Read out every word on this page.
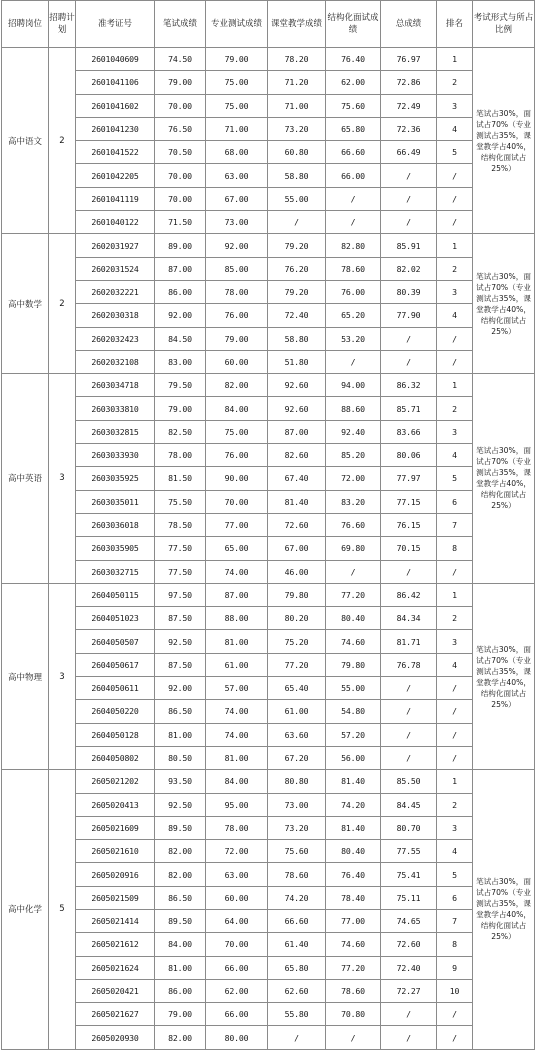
招聘岗位	招聘计划	准考证号	笔试成绩	专业测试成绩	课堂教学成绩	结构化面试成绩	总成绩	排名	考试形式与所占比例
高中语文	2	2601040609	74.50	79.00	78.20	76.40	76.97	1	笔试占30%，面试占70%（专业测试占35%，课堂教学占40%，结构化面试占25%）
		2601041106	79.00	75.00	71.20	62.00	72.86	2	
		2601041602	70.00	75.00	71.00	75.60	72.49	3	
		2601041230	76.50	71.00	73.20	65.80	72.36	4	
		2601041522	70.50	68.00	60.80	66.60	66.49	5	
		2601042205	70.00	63.00	58.80	66.00	/	/	
		2601041119	70.00	67.00	55.00	/	/	/	
		2601040122	71.50	73.00	/	/	/	/	
高中数学	2	2602031927	89.00	92.00	79.20	82.80	85.91	1	笔试占30%，面试占70%（专业测试占35%，课堂教学占40%，结构化面试占25%）
		2602031524	87.00	85.00	76.20	78.60	82.02	2	
		2602032221	86.00	78.00	79.20	76.00	80.39	3	
		2602030318	92.00	76.00	72.40	65.20	77.90	4	
		2602032423	84.50	79.00	58.80	53.20	/	/	
		2602032108	83.00	60.00	51.80	/	/	/	
高中英语	3	2603034718	79.50	82.00	92.60	94.00	86.32	1	笔试占30%，面试占70%（专业测试占35%，课堂教学占40%，结构化面试占25%）
		2603033810	79.00	84.00	92.60	88.60	85.71	2	
		2603032815	82.50	75.00	87.00	92.40	83.66	3	
		2603033930	78.00	76.00	82.60	85.20	80.06	4	
		2603035925	81.50	90.00	67.40	72.00	77.97	5	
		2603035011	75.50	70.00	81.40	83.20	77.15	6	
		2603036018	78.50	77.00	72.60	76.60	76.15	7	
		2603035905	77.50	65.00	67.00	69.80	70.15	8	
		2603032715	77.50	74.00	46.00	/	/	/	
高中物理	3	2604050115	97.50	87.00	79.80	77.20	86.42	1	笔试占30%，面试占70%（专业测试占35%，课堂教学占40%，结构化面试占25%）
		2604051023	87.50	88.00	80.20	80.40	84.34	2	
		2604050507	92.50	81.00	75.20	74.60	81.71	3	
		2604050617	87.50	61.00	77.20	79.80	76.78	4	
		2604050611	92.00	57.00	65.40	55.00	/	/	
		2604050220	86.50	74.00	61.00	54.80	/	/	
		2604050128	81.00	74.00	63.60	57.20	/	/	
		2604050802	80.50	81.00	67.20	56.00	/	/	
高中化学	5	2605021202	93.50	84.00	80.80	81.40	85.50	1	笔试占30%，面试占70%（专业测试占35%，课堂教学占40%，结构化面试占25%）
		2605020413	92.50	95.00	73.00	74.20	84.45	2	
		2605021609	89.50	78.00	73.20	81.40	80.70	3	
		2605021610	82.00	72.00	75.60	80.40	77.55	4	
		2605020916	82.00	63.00	78.60	76.40	75.41	5	
		2605021509	86.50	60.00	74.20	78.40	75.11	6	
		2605021414	89.50	64.00	66.60	77.00	74.65	7	
		2605021612	84.00	70.00	61.40	74.60	72.60	8	
		2605021624	81.00	66.00	65.80	77.20	72.40	9	
		2605020421	86.00	62.00	62.60	78.60	72.27	10	
		2605021627	79.00	66.00	55.80	70.80	/	/	
		2605020930	82.00	80.00	/	/	/	/	
